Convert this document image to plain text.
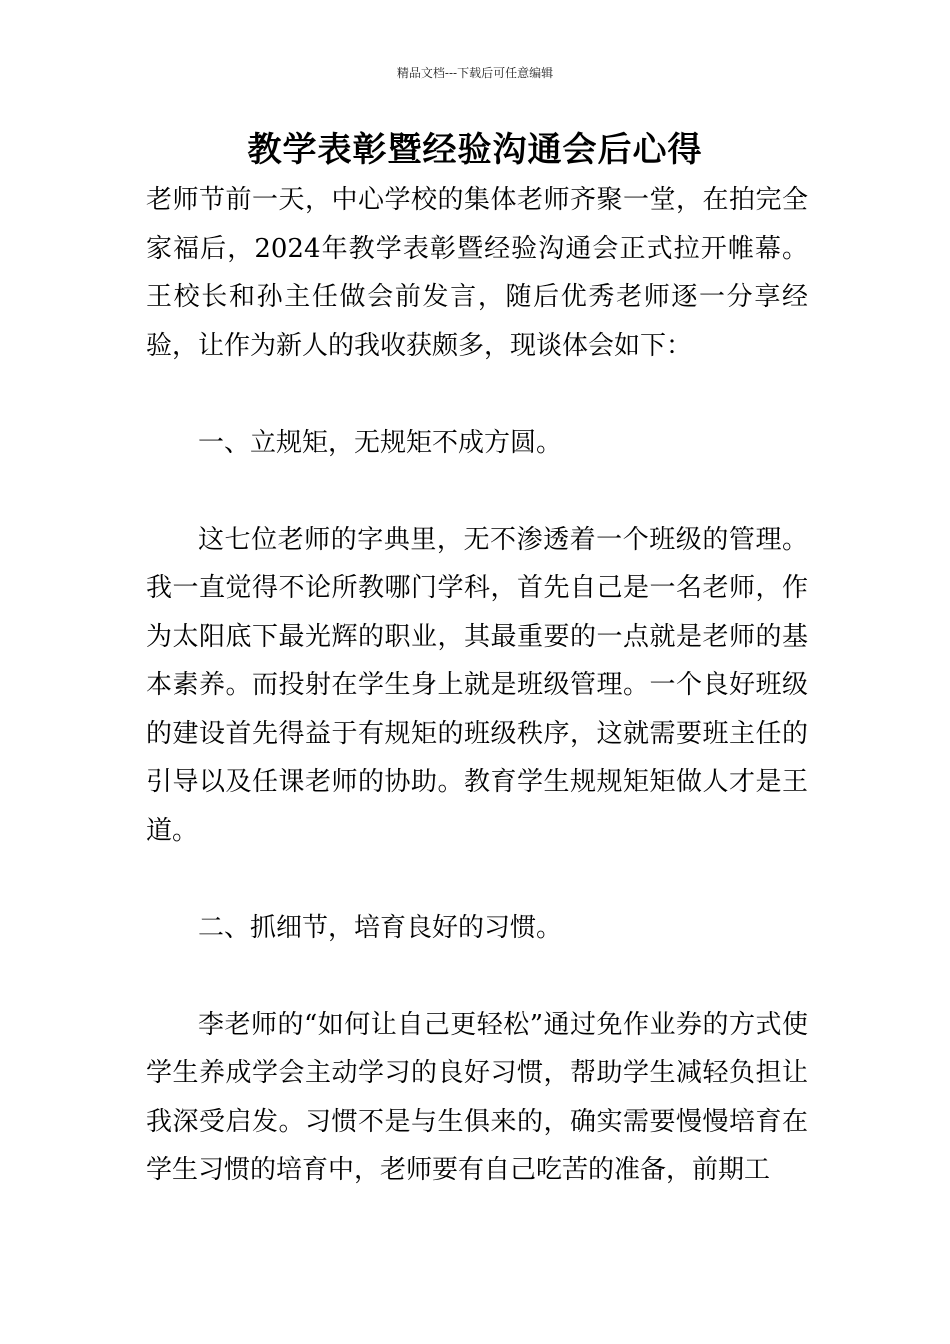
精品文档---下载后可任意编辑
教学表彰暨经验沟通会后心得

老师节前一天，中心学校的集体老师齐聚一堂，在拍完全家福后，2024年教学表彰暨经验沟通会正式拉开帷幕。王校长和孙主任做会前发言，随后优秀老师逐一分享经验，让作为新人的我收获颇多，现谈体会如下：

一、立规矩，无规矩不成方圆。

这七位老师的字典里，无不渗透着一个班级的管理。我一直觉得不论所教哪门学科，首先自己是一名老师，作为太阳底下最光辉的职业，其最重要的一点就是老师的基本素养。而投射在学生身上就是班级管理。一个良好班级的建设首先得益于有规矩的班级秩序，这就需要班主任的引导以及任课老师的协助。教育学生规规矩矩做人才是王道。

二、抓细节，培育良好的习惯。

李老师的“如何让自己更轻松”通过免作业券的方式使学生养成学会主动学习的良好习惯，帮助学生减轻负担让我深受启发。习惯不是与生俱来的，确实需要慢慢培育在学生习惯的培育中，老师要有自己吃苦的准备，前期工
